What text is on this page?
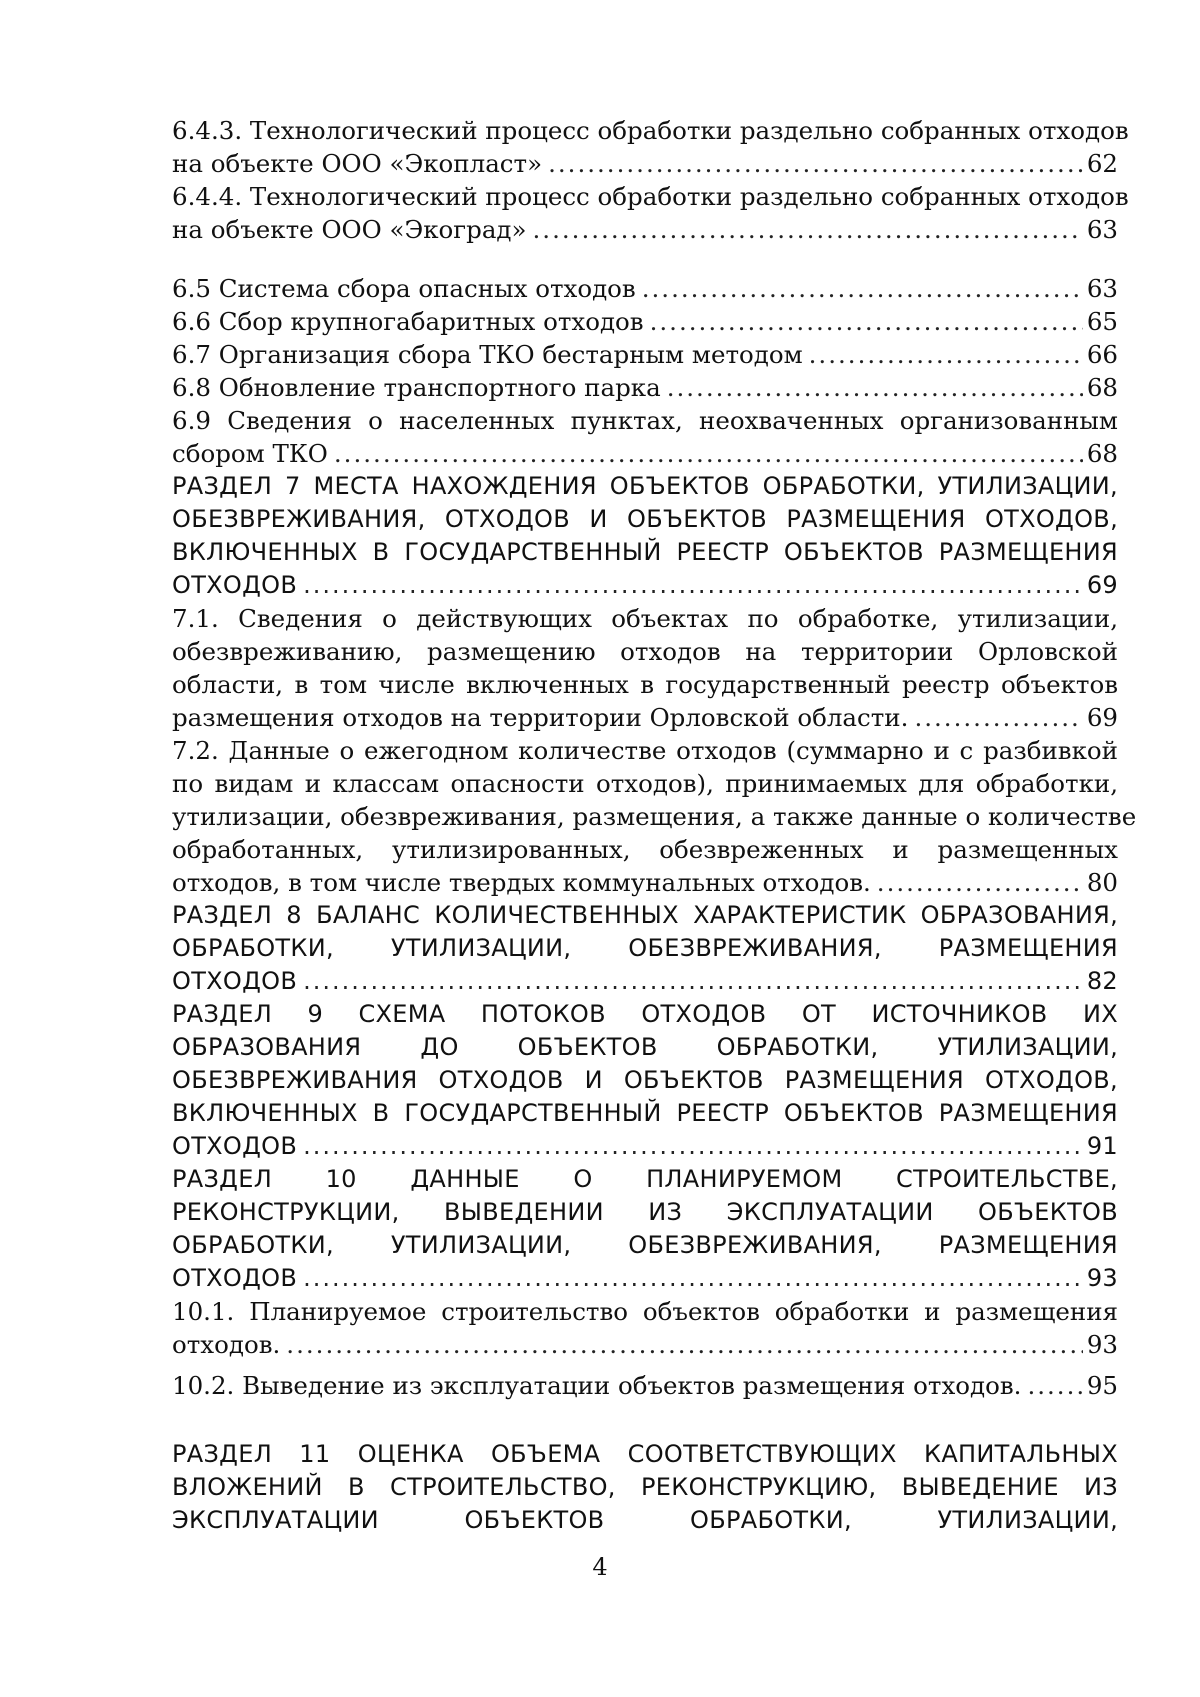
6.4.3. Технологический процесс обработки раздельно собранных отходов
на объекте ООО «Экопласт» .....	62
6.4.4. Технологический процесс обработки раздельно собранных отходов
на объекте ООО «Экоград» .....	63
6.5 Система сбора опасных отходов .....	63
6.6 Сбор крупногабаритных отходов .....	65
6.7 Организация сбора ТКО бестарным методом .....	66
6.8 Обновление транспортного парка .....	68
6.9 Сведения о населенных пунктах, неохваченных организованным
сбором ТКО .....	68
РАЗДЕЛ 7 МЕСТА НАХОЖДЕНИЯ ОБЪЕКТОВ ОБРАБОТКИ, УТИЛИЗАЦИИ,
ОБЕЗВРЕЖИВАНИЯ, ОТХОДОВ И ОБЪЕКТОВ РАЗМЕЩЕНИЯ ОТХОДОВ,
ВКЛЮЧЕННЫХ В ГОСУДАРСТВЕННЫЙ РЕЕСТР ОБЪЕКТОВ РАЗМЕЩЕНИЯ
ОТХОДОВ .....	69
7.1. Сведения о действующих объектах по обработке, утилизации,
обезвреживанию, размещению отходов на территории Орловской
области, в том числе включенных в государственный реестр объектов
размещения отходов на территории Орловской области. .....	69
7.2. Данные о ежегодном количестве отходов (суммарно и с разбивкой
по видам и классам опасности отходов), принимаемых для обработки,
утилизации, обезвреживания, размещения, а также данные о количестве
обработанных, утилизированных, обезвреженных и размещенных
отходов, в том числе твердых коммунальных отходов. .....	80
РАЗДЕЛ 8 БАЛАНС КОЛИЧЕСТВЕННЫХ ХАРАКТЕРИСТИК ОБРАЗОВАНИЯ,
ОБРАБОТКИ, УТИЛИЗАЦИИ, ОБЕЗВРЕЖИВАНИЯ, РАЗМЕЩЕНИЯ
ОТХОДОВ .....	82
РАЗДЕЛ 9 СХЕМА ПОТОКОВ ОТХОДОВ ОТ ИСТОЧНИКОВ ИХ
ОБРАЗОВАНИЯ ДО ОБЪЕКТОВ ОБРАБОТКИ, УТИЛИЗАЦИИ,
ОБЕЗВРЕЖИВАНИЯ ОТХОДОВ И ОБЪЕКТОВ РАЗМЕЩЕНИЯ ОТХОДОВ,
ВКЛЮЧЕННЫХ В ГОСУДАРСТВЕННЫЙ РЕЕСТР ОБЪЕКТОВ РАЗМЕЩЕНИЯ
ОТХОДОВ .....	91
РАЗДЕЛ 10 ДАННЫЕ О ПЛАНИРУЕМОМ СТРОИТЕЛЬСТВЕ,
РЕКОНСТРУКЦИИ, ВЫВЕДЕНИИ ИЗ ЭКСПЛУАТАЦИИ ОБЪЕКТОВ
ОБРАБОТКИ, УТИЛИЗАЦИИ, ОБЕЗВРЕЖИВАНИЯ, РАЗМЕЩЕНИЯ
ОТХОДОВ .....	93
10.1. Планируемое строительство объектов обработки и размещения
отходов. .....	93
10.2. Выведение из эксплуатации объектов размещения отходов. .....	95
РАЗДЕЛ 11 ОЦЕНКА ОБЪЕМА СООТВЕТСТВУЮЩИХ КАПИТАЛЬНЫХ
ВЛОЖЕНИЙ В СТРОИТЕЛЬСТВО, РЕКОНСТРУКЦИЮ, ВЫВЕДЕНИЕ ИЗ
ЭКСПЛУАТАЦИИ ОБЪЕКТОВ ОБРАБОТКИ, УТИЛИЗАЦИИ,
4
